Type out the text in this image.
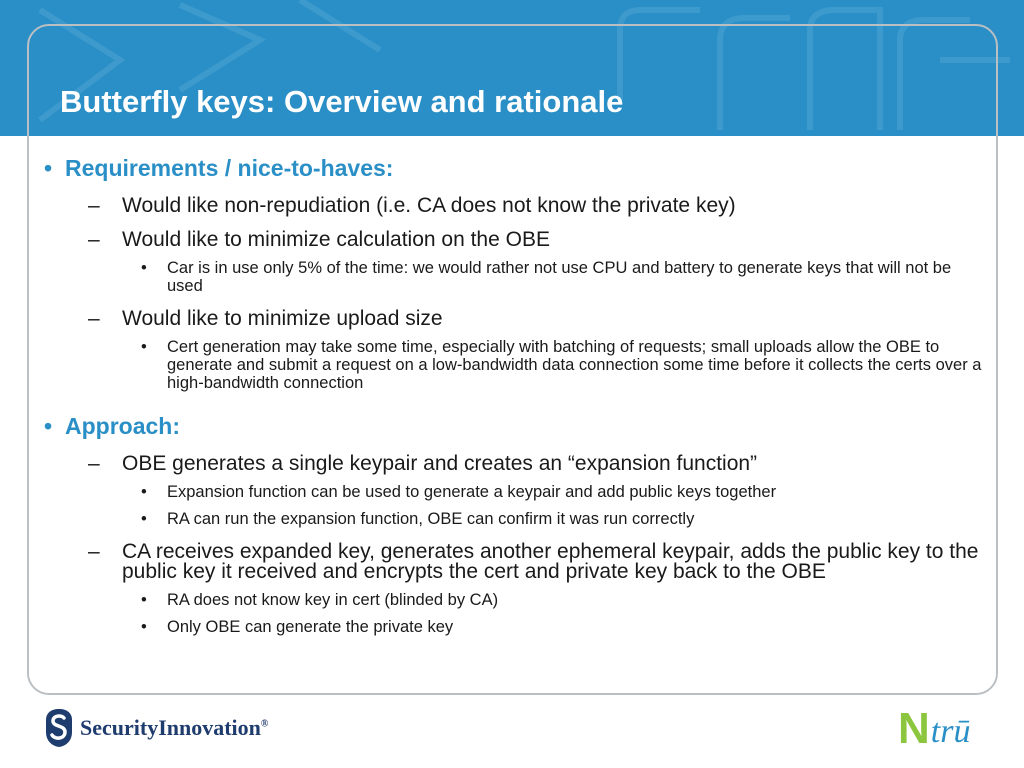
Butterfly keys: Overview and rationale
• Requirements / nice-to-haves:
– Would like non-repudiation (i.e. CA does not know the private key)
– Would like to minimize calculation on the OBE
• Car is in use only 5% of the time: we would rather not use CPU and battery to generate keys that will not be used
– Would like to minimize upload size
• Cert generation may take some time, especially with batching of requests; small uploads allow the OBE to generate and submit a request on a low-bandwidth data connection some time before it collects the certs over a high-bandwidth connection
• Approach:
– OBE generates a single keypair and creates an “expansion function”
• Expansion function can be used to generate a keypair and add public keys together
• RA can run the expansion function, OBE can confirm it was run correctly
– CA receives expanded key, generates another ephemeral keypair, adds the public key to the public key it received and encrypts the cert and private key back to the OBE
• RA does not know key in cert (blinded by CA)
• Only OBE can generate the private key
SecurityInnovation®	N trū
